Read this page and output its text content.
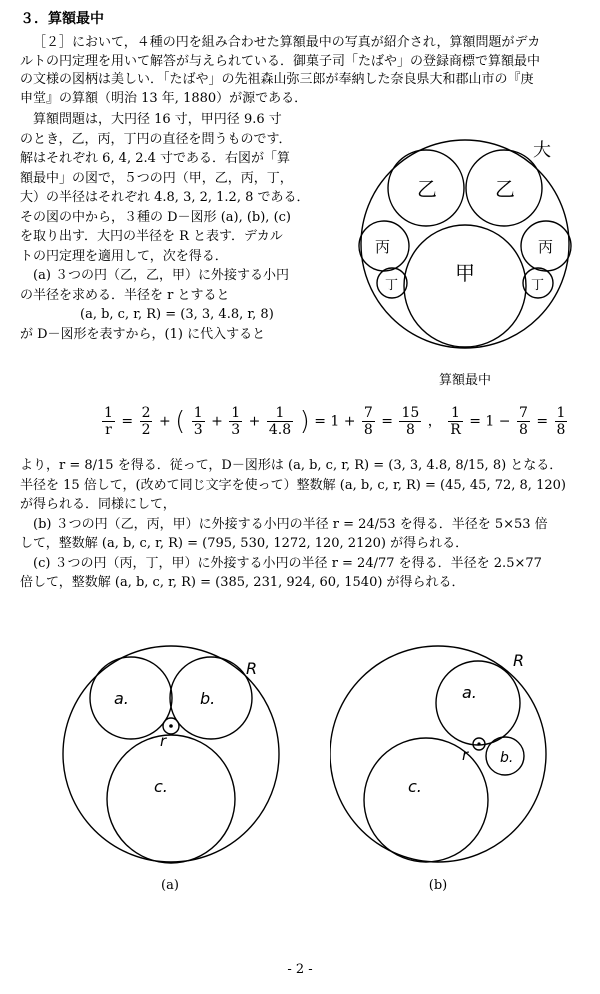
３．算額最中
［２］において，４種の円を組み合わせた算額最中の写真が紹介され，算額問題がデカ
ルトの円定理を用いて解答が与えられている．御菓子司「たばや」の登録商標で算額最中
の文様の図柄は美しい．「たばや」の先祖森山弥三郎が奉納した奈良県大和郡山市の『庚
申堂』の算額（明治 13 年, 1880）が源である．
算額問題は，大円径 16 寸，甲円径 9.6 寸
のとき，乙，丙，丁円の直径を問うものです．
解はそれぞれ 6, 4, 2.4 寸である．右図が「算
額最中」の図で，５つの円（甲，乙，丙，丁，
大）の半径はそれぞれ 4.8, 3, 2, 1.2, 8 である．
その図の中から，３種の D－図形 (a), (b), (c)
を取り出す．大円の半径を R と表す．デカル
トの円定理を適用して，次を得る．
(a) ３つの円（乙，乙，甲）に外接する小円
の半径を求める．半径を r とすると
(a, b, c, r, R) = (3, 3, 4.8, r, 8)
が D－図形を表すから，(1) に代入すると
大
乙	乙
丙	丙
甲
丁	丁
算額最中
$\frac{1}{r} = \frac{2}{2}$ + ( $\frac{1}{3} + \frac{1}{3} + \frac{1}{4.8}$ ) = $1 + \frac{7}{8} = \frac{15}{8}$ ， $\frac{1}{R} = 1 - \frac{7}{8} = \frac{1}{8}$
より，r = 8/15 を得る．従って，D－図形は (a, b, c, r, R) = (3, 3, 4.8, 8/15, 8) となる．
半径を 15 倍して，(改めて同じ文字を使って）整数解 (a, b, c, r, R) = (45, 45, 72, 8, 120)
が得られる．同様にして，
(b) ３つの円（乙，丙，甲）に外接する小円の半径 r = 24/53 を得る．半径を 5×53 倍
して，整数解 (a, b, c, r, R) = (795, 530, 1272, 120, 2120) が得られる．
(c) ３つの円（丙，丁，甲）に外接する小円の半径 r = 24/77 を得る．半径を 2.5×77
倍して，整数解 (a, b, c, r, R) = (385, 231, 924, 60, 1540) が得られる．
R
a.	b.
c.
r
(a)
R
a.
b.
c.
r
(b)
- 2 -
